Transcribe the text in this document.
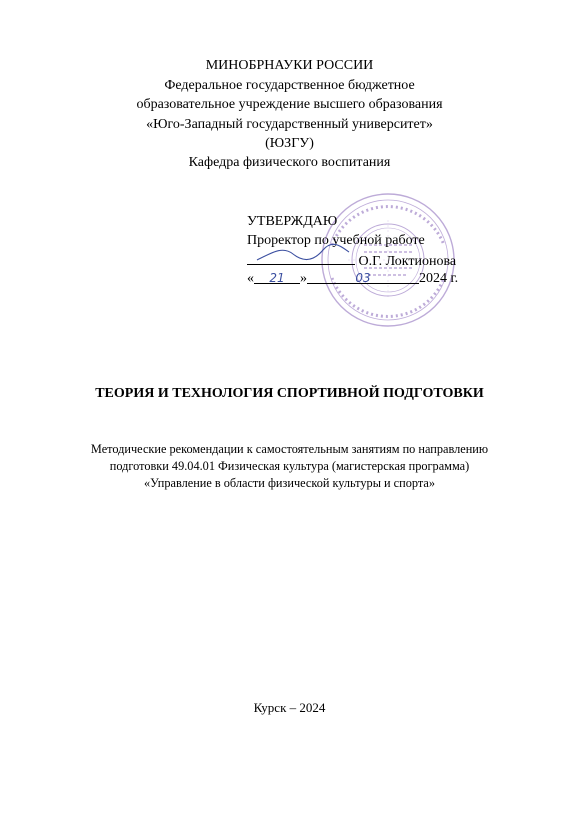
МИНОБРНАУКИ РОССИИ
Федеральное государственное бюджетное
образовательное учреждение высшего образования
«Юго-Западный государственный университет»
(ЮЗГУ)
Кафедра физического воспитания
УТВЕРЖДАЮ
Проректор по учебной работе
О.Г. Локтионова
« 21 »	03	2024 г.
ТЕОРИЯ И ТЕХНОЛОГИЯ СПОРТИВНОЙ ПОДГОТОВКИ
Методические рекомендации к самостоятельным занятиям по направлению
подготовки 49.04.01 Физическая культура (магистерская программа)
«Управление в области физической культуры и спорта»
Курск – 2024
